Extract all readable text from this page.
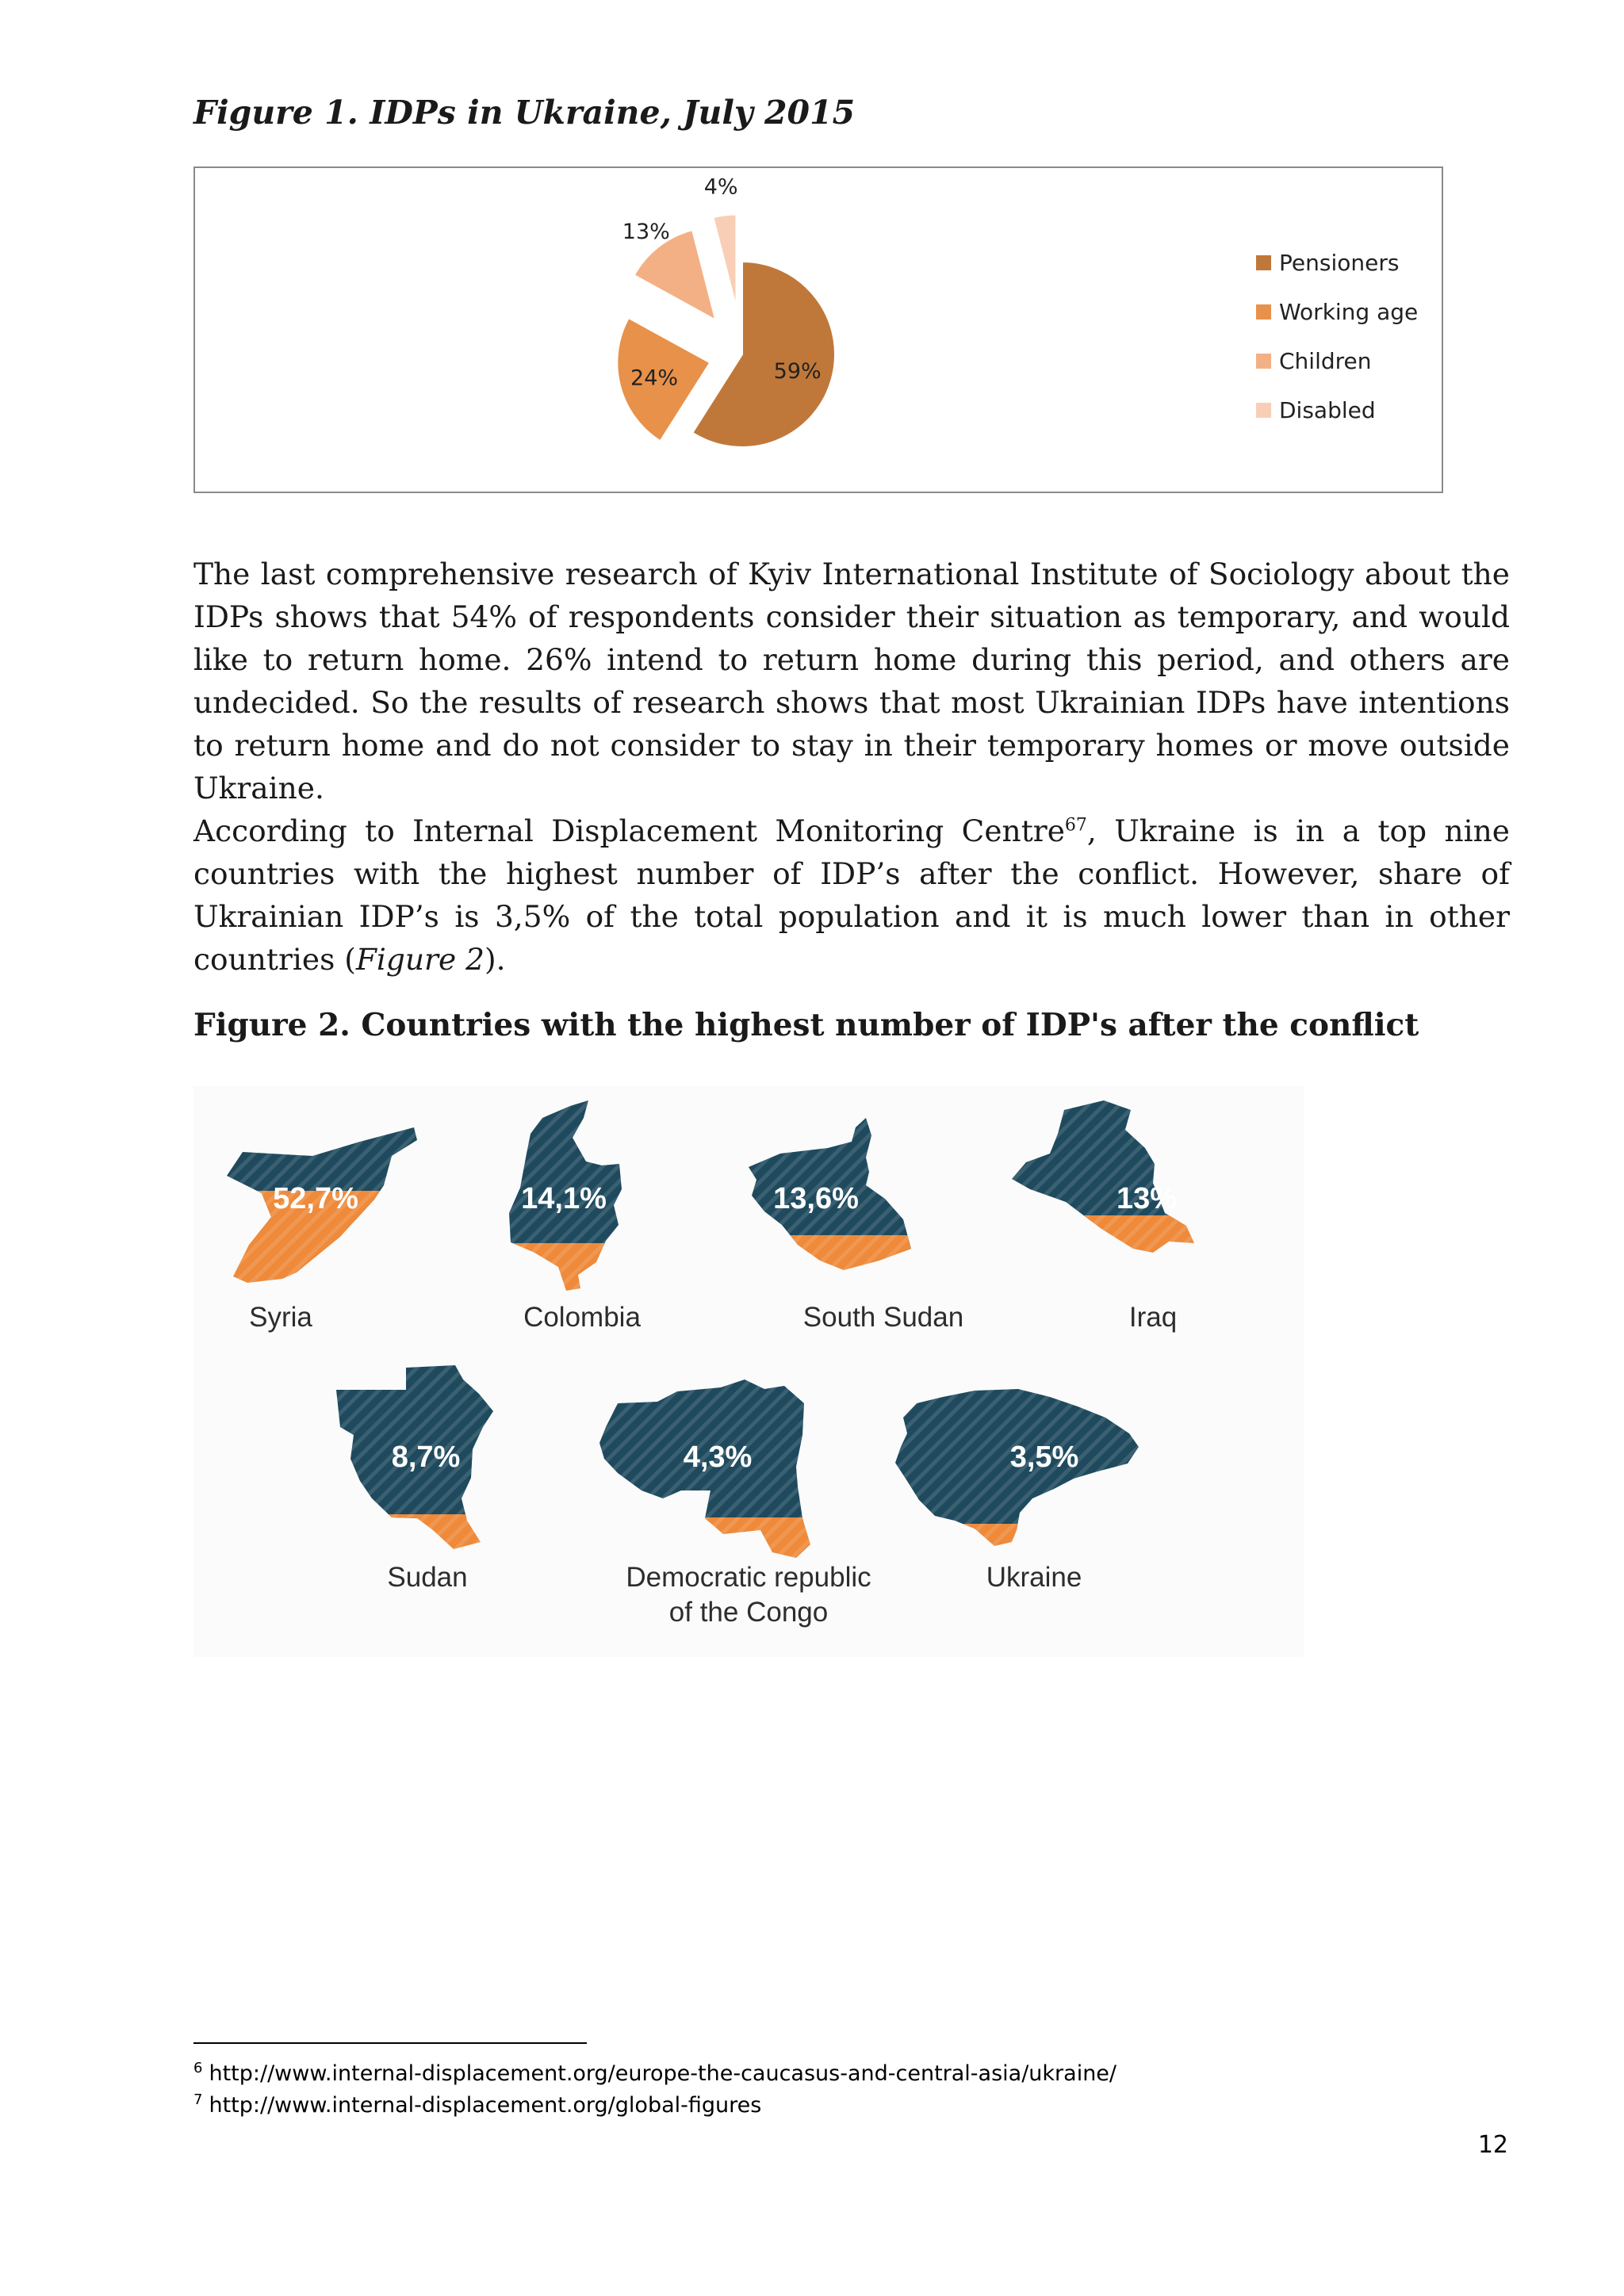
Figure 1. IDPs in Ukraine, July 2015
59%
24%
13%
4%
Pensioners
Working age
Children
Disabled

The last comprehensive research of Kyiv International Institute of Sociology about the IDPs shows that 54% of respondents consider their situation as temporary, and would like to return home. 26% intend to return home during this period, and others are undecided. So the results of research shows that most Ukrainian IDPs have intentions to return home and do not consider to stay in their temporary homes or move outside Ukraine.

According to Internal Displacement Monitoring Centre$^{67}$, Ukraine is in a top nine countries with the highest number of IDP’s after the conflict. However, share of Ukrainian IDP’s is 3,5% of the total population and it is much lower than in other countries (Figure 2).

Figure 2. Countries with the highest number of IDP's after the conflict
52,7%	14,1%	13,6%	13%
8,7%	4,3%	3,5%
Syria	Colombia	South Sudan	Iraq
Sudan	Democratic republic
of the Congo
Ukraine

$^6$ http://www.internal-displacement.org/europe-the-caucasus-and-central-asia/ukraine/

$^7$ http://www.internal-displacement.org/global-figures

12
